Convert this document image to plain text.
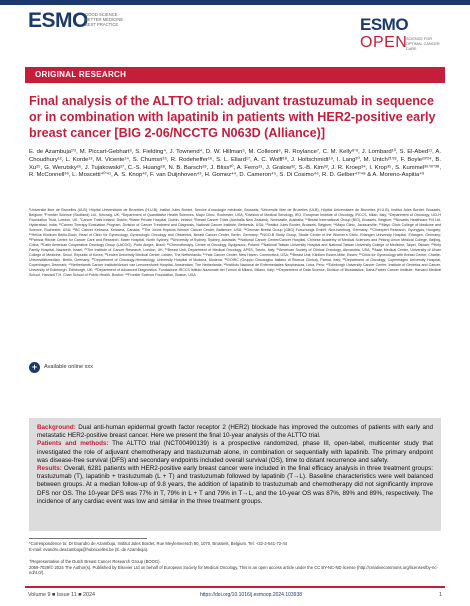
ESMO
GOOD SCIENCE · BETTER MEDICINE · BEST PRACTICE	ESMO
OPEN
SCIENCE FOR OPTIMAL CANCER CARE
ORIGINAL RESEARCH
Final analysis of the ALTTO trial: adjuvant trastuzumab in sequence or in combination with lapatinib in patients with HER2-positive early breast cancer [BIG 2-06/NCCTG N063D (Alliance)]

E. de Azambuja¹ʹ², M. Piccart-Gebhart³, S. Fielding⁴, J. Townend⁴, D. W. Hillman⁵, M. Colleoni⁶, R. Roylance⁷, C. M. Kelly⁸ʹ⁹, J. Lombard¹⁰, S. El-Abed¹¹, A. Choudhury¹², L. Korde¹³, M. Vicente¹⁴, S. Chumsri¹⁵, R. Rodeheffer¹⁶, S. L. Ellard¹⁷, A. C. Wolff¹⁸, J. Holtschmidt¹⁹, I. Lang²⁰, M. Untch²¹ʹ²², F. Boyle²³ʹ²⁴, B. Xu²⁵, G. Werutsky²⁶, J. Tujakowski²⁷, C.-S. Huang²⁸, N. B. Barsch²⁹, J. Bliss³⁰, A. Ferro³¹, J. Gralow³², S.-B. Kim³³, J. R. Kroep³⁴, I. Krop³⁵, S. Kummel³⁶ʹ³⁷ʹ³⁸, R. McConnell³⁹, L. Moscetti⁴⁰ʹ⁴¹, A. S. Knop⁴², F. van Duijnhoven⁴³, H. Gomez⁴⁴, D. Cameron⁴⁵, S. Di Cosimo⁴⁶, R. D. Gelber⁴⁷ʹ⁴⁸ & A. Moreno-Aspitia⁴⁹

¹Université libre de Bruxelles (ULB), Hôpital Universitaire de Bruxelles (H.U.B), Institut Jules Bordet, Service d'oncologie médicale, Brussels; ²Université libre de Bruxelles (ULB), Hôpital Universitaire de Bruxelles (H.U.B), Institut Jules Bordet, Brussels, Belgium; ³Frontier Science (Scotland) Ltd., Kincraig, UK; ⁴Department of Quantitative Health Sciences, Mayo Clinic, Rochester, USA; ⁵Division of Medical Senology, IEO, European Institute of Oncology, IRCCS, Milan, Italy; ⁶Department of Oncology, UCLH Foundation Trust, London, UK; ⁷Cancer Trials Ireland, Dublin; ⁸Mater Private Hospital, Dublin, Ireland; ⁹Breast Cancer Trials (Australia New Zealand), Newcastle, Australia; ¹⁰Breast International Group (BIG), Brussels, Belgium; ¹¹Novartis Healthcare Pvt Ltd, Hyderabad, India; ¹²Cancer Therapy Evaluation Program, Division of Cancer Treatment and Diagnosis, National Cancer Institute, Bethesda, USA; ¹³Institut Jules Bordet, Brussels, Belgium; ¹⁴Mayo Clinic, Jacksonville; ¹⁵Mayo Clinic College of Medicine and Science, Rochester, USA; ¹⁶BC Cancer Kelowna, Kelowna, Canada; ¹⁷The Johns Hopkins Kimmel Cancer Center, Baltimore, USA; ¹⁸German Breast Group (GBG) Forschungs GmbH, Neu-Isenburg, Germany; ¹⁹Clinexpert Research, Gyongyos, Hungary; ²⁰Helios Klinikum Berlin-Buch, Head of Clinic for Gynecology, Gynecologic Oncology and Obstetrics, Breast Cancer Center, Berlin, Germany; ²¹NGO-B Study Group, Studie Center of the Women's Clinic, Erlangen University Hospital, Erlangen, Germany; ²²Patricia Ritchie Centre for Cancer Care and Research, Mater Hospital, North Sydney; ²³University of Sydney, Sydney, Australia; ²⁴National Cancer Center/Cancer Hospital, Chinese Academy of Medical Sciences and Peking Union Medical College, Beijing, China; ²⁵Latin American Cooperative Oncology Group (LACOG), Porto Alegre, Brazil; ²⁶Chemotherapy, Centre of Oncology, Bydgoszcz, Poland; ²⁷National Taiwan University Hospital and National Taiwan University College of Medicine, Taipei, Taiwan; ²⁸Holy Family Hospital, Nazareth, Israel; ²⁹The Institute of Cancer Research, London, UK; ³⁰Breast Unit, Department of Medical Oncology, APSS, Trento, Italy; ³¹American Society of Clinical Oncology, Alexandria, USA; ³²Asan Medical Center, University of Ulsan College of Medicine, Seoul, Republic of Korea; ³³Leiden University Medical Center, Leiden, The Netherlands; ³⁴Yale Cancer Center, New Haven, Connecticut, USA; ³⁵Breast Unit, Kliniken Essen-Mitte, Essen; ³⁶Clinic for Gynecology with Breast Center, Charité-Universitätsmedizin, Berlin, Germany; ³⁷Department of Oncology-Hematology, University Hospital of Modena, Modena; ³⁸GOIRC (Gruppo Oncologico Italiano di Ricerca Clinica), Parma, Italy; ³⁹Department of Oncology, Copenhagen University Hospital, Copenhagen, Denmark; ⁴⁰Netherlands Cancer Institute/Antoni van Leeuwenhoek Hospital, Amsterdam, The Netherlands; ⁴¹Instituto Nacional de Enfermedades Neoplasicas, Lima, Peru; ⁴²Edinburgh University Cancer Centre, Institute of Genetics and Cancer, University of Edinburgh, Edinburgh, UK; ⁴³Department of Advanced Diagnostics, Fondazione IRCCS Istituto Nazionale dei Tumori di Milano, Milano, Italy; ⁴⁴Department of Data Science, Division of Biostatistics, Dana-Farber Cancer Institute, Harvard Medical School, Harvard T.H. Chan School of Public Health, Boston; ⁴⁵Frontier Science Foundation, Boston, USA

+	Available online xxx

Background: Dual anti-human epidermal growth factor receptor 2 (HER2) blockade has improved the outcomes of patients with early and metastatic HER2-positive breast cancer. Here we present the final 10-year analysis of the ALTTO trial.

Patients and methods: The ALTTO trial (NCT00490139) is a prospective randomized, phase III, open-label, multicenter study that investigated the role of adjuvant chemotherapy and trastuzumab alone, in combination or sequentially with lapatinib. The primary endpoint was disease-free survival (DFS) and secondary endpoints included overall survival (OS), time to distant recurrence and safety.

Results: Overall, 6281 patients with HER2-positive early breast cancer were included in the final efficacy analysis in three treatment groups: trastuzumab (T), lapatinib + trastuzumab (L + T) and trastuzumab followed by lapatinib (T→L). Baseline characteristics were well balanced between groups. At a median follow-up of 9.8 years, the addition of lapatinib to trastuzumab and chemotherapy did not significantly improve DFS nor OS. The 10-year DFS was 77% in T, 79% in L + T and 79% in T→L, and the 10-year OS was 87%, 89% and 89%, respectively. The incidence of any cardiac event was low and similar in the three treatment groups.

*Correspondence to: Dr Evandro de Azambuja, Institut Jules Bordet, Rue Meylemeersch 90, 1070, Brussels, Belgium. Tel: +32-2-541-72-44
E-mail: evandro.deazambuja@hubruxelles.be (E. de Azambuja).

†Representative of the Dutch Breast Cancer Research Group (BOOG).
2059-7029/© 2024 The Author(s). Published by Elsevier Ltd on behalf of European Society for Medical Oncology. This is an open access article under the CC BY-NC-ND license (http://creativecommons.org/licenses/by-nc-nd/4.0/).

Volume 9 ■ Issue 11 ■ 2024	https://doi.org/10.1016/j.esmoop.2024.103938	1
